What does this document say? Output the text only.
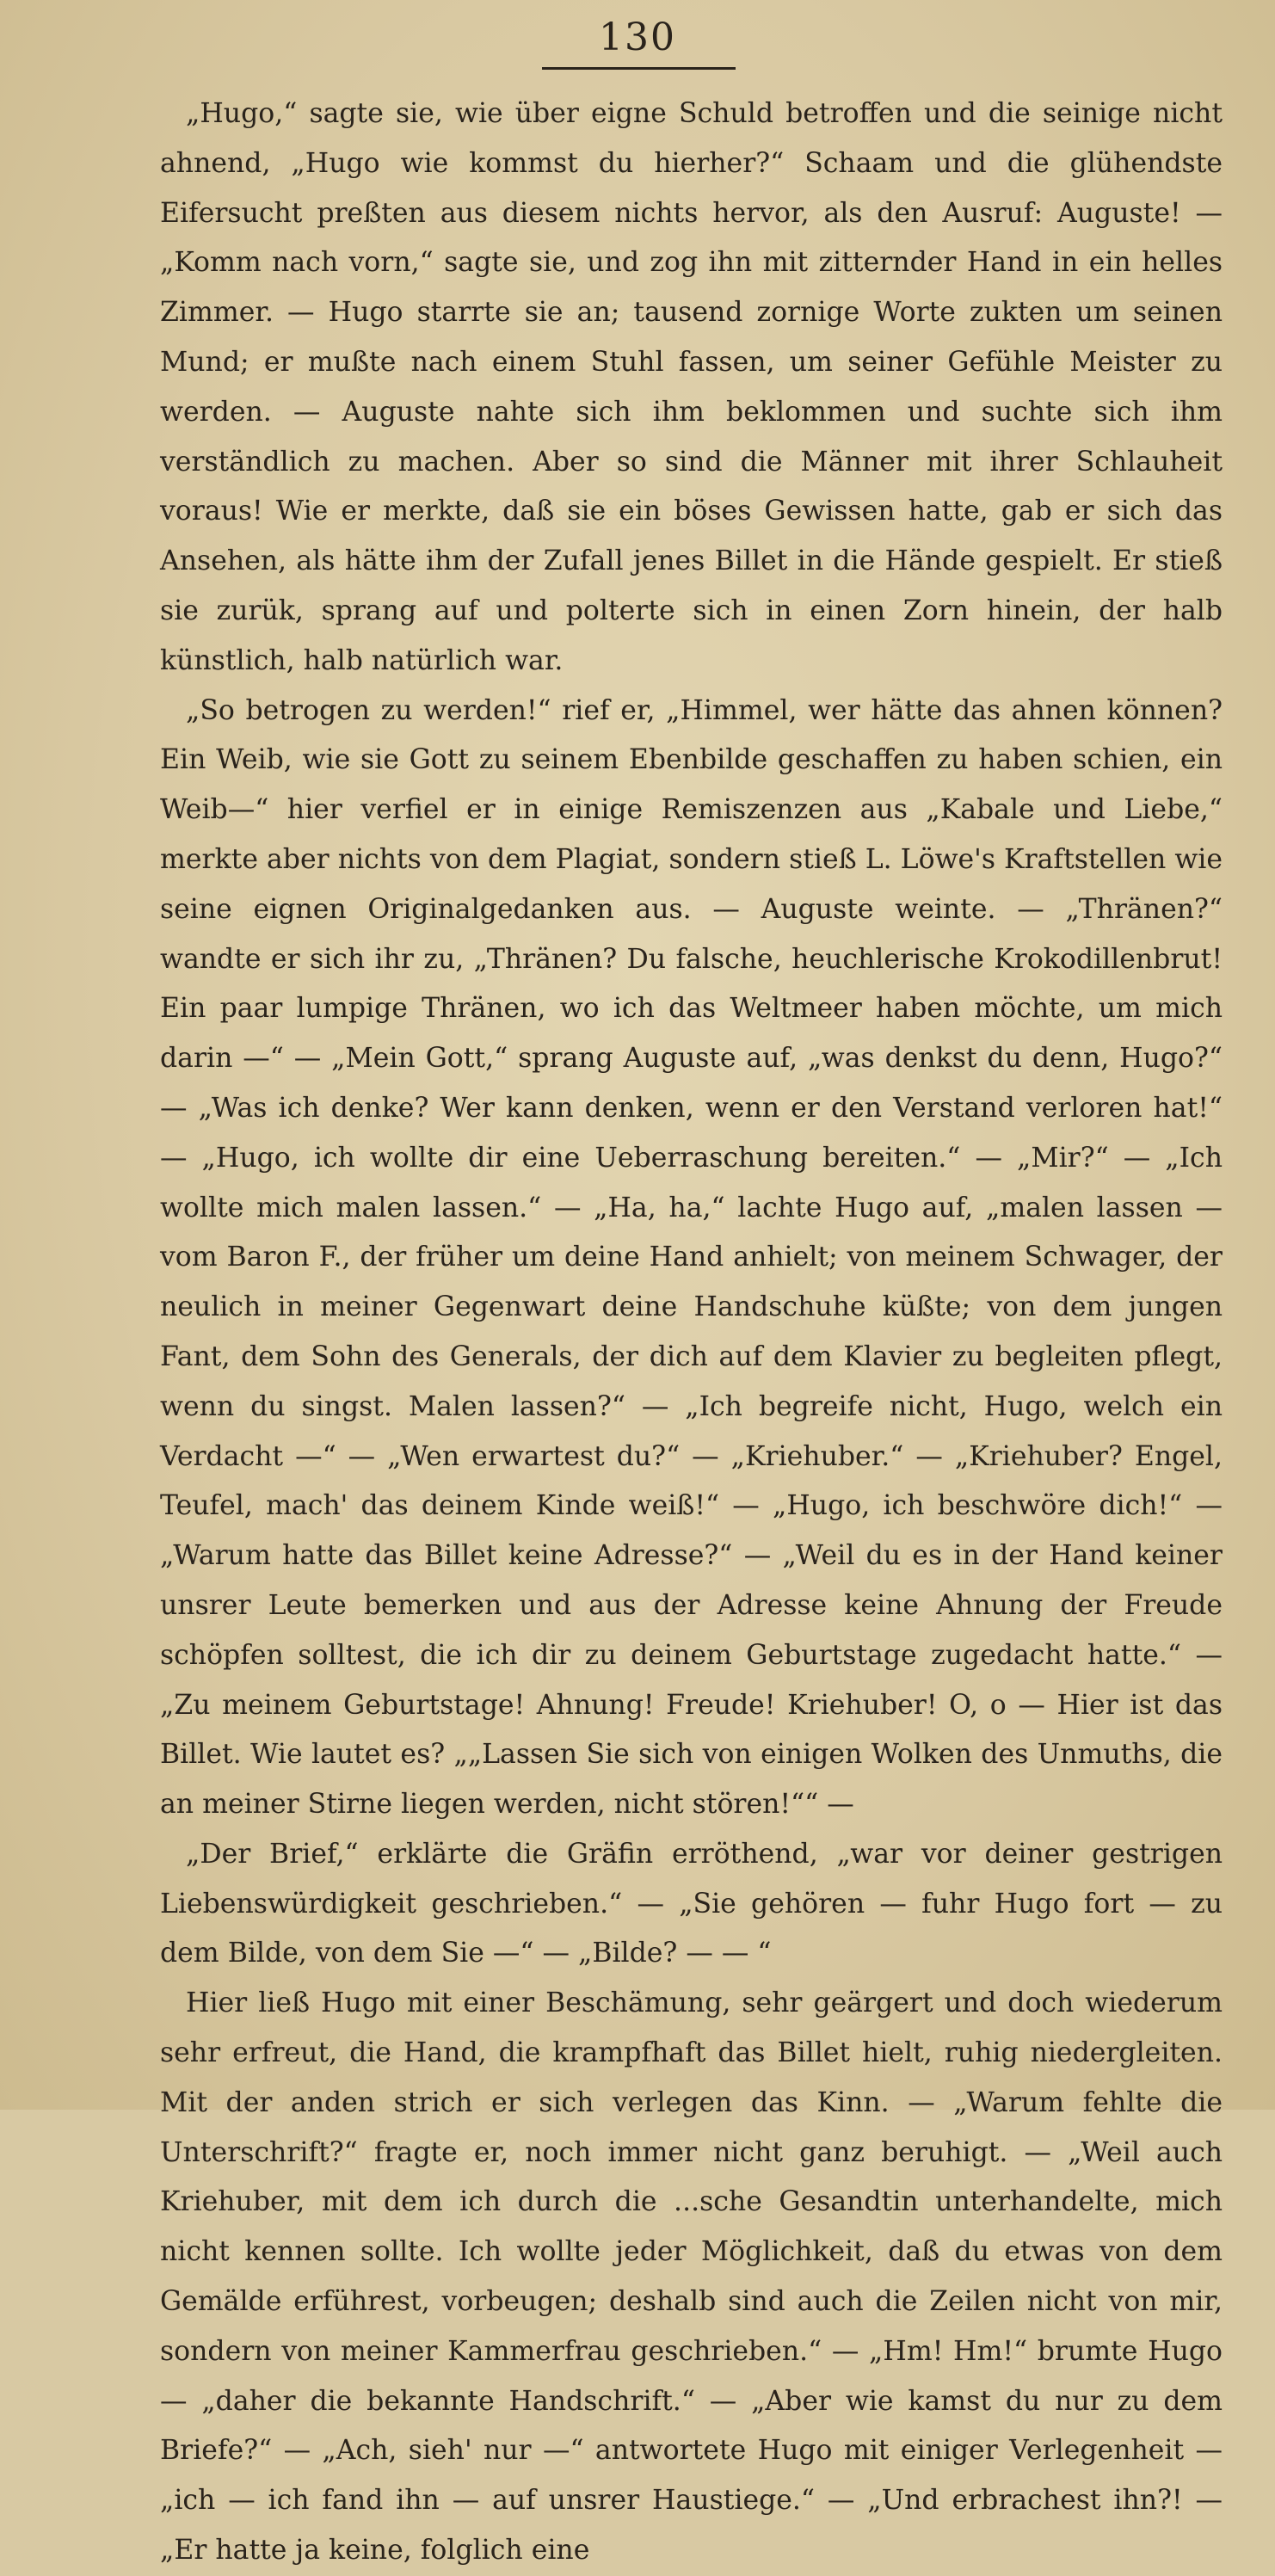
130

„Hugo,“ sagte sie, wie über eigne Schuld betroffen und die seinige nicht ahnend, „Hugo wie kommst du hierher?“ Schaam und die glühendste Eifersucht preßten aus diesem nichts hervor, als den Ausruf: Auguste! — „Komm nach vorn,“ sagte sie, und zog ihn mit zitternder Hand in ein helles Zimmer. — Hugo starrte sie an; tausend zornige Worte zukten um seinen Mund; er mußte nach einem Stuhl fassen, um seiner Gefühle Meister zu werden. — Auguste nahte sich ihm beklommen und suchte sich ihm verständlich zu machen. Aber so sind die Männer mit ihrer Schlauheit voraus! Wie er merkte, daß sie ein böses Gewissen hatte, gab er sich das Ansehen, als hätte ihm der Zufall jenes Billet in die Hände gespielt. Er stieß sie zurük, sprang auf und polterte sich in einen Zorn hinein, der halb künstlich, halb natürlich war.

„So betrogen zu werden!“ rief er, „Himmel, wer hätte das ahnen können? Ein Weib, wie sie Gott zu seinem Ebenbilde geschaffen zu haben schien, ein Weib—“ hier verfiel er in einige Remiszenzen aus „Kabale und Liebe,“ merkte aber nichts von dem Plagiat, sondern stieß L. Löwe's Kraftstellen wie seine eignen Originalgedanken aus. — Auguste weinte. — „Thränen?“ wandte er sich ihr zu, „Thränen? Du falsche, heuchlerische Krokodillenbrut! Ein paar lumpige Thränen, wo ich das Weltmeer haben möchte, um mich darin —“ — „Mein Gott,“ sprang Auguste auf, „was denkst du denn, Hugo?“ — „Was ich denke? Wer kann denken, wenn er den Verstand verloren hat!“ — „Hugo, ich wollte dir eine Ueberraschung bereiten.“ — „Mir?“ — „Ich wollte mich malen lassen.“ — „Ha, ha,“ lachte Hugo auf, „malen lassen — vom Baron F., der früher um deine Hand anhielt; von meinem Schwager, der neulich in meiner Gegenwart deine Handschuhe küßte; von dem jungen Fant, dem Sohn des Generals, der dich auf dem Klavier zu begleiten pflegt, wenn du singst. Malen lassen?“ — „Ich begreife nicht, Hugo, welch ein Verdacht —“ — „Wen erwartest du?“ — „Kriehuber.“ — „Kriehuber? Engel, Teufel, mach' das deinem Kinde weiß!“ — „Hugo, ich beschwöre dich!“ — „Warum hatte das Billet keine Adresse?“ — „Weil du es in der Hand keiner unsrer Leute bemerken und aus der Adresse keine Ahnung der Freude schöpfen solltest, die ich dir zu deinem Geburtstage zugedacht hatte.“ — „Zu meinem Geburtstage! Ahnung! Freude! Kriehuber! O, o — Hier ist das Billet. Wie lautet es? „„Lassen Sie sich von einigen Wolken des Unmuths, die an meiner Stirne liegen werden, nicht stören!““ —

„Der Brief,“ erklärte die Gräfin erröthend, „war vor deiner gestrigen Liebenswürdigkeit geschrieben.“ — „Sie gehören — fuhr Hugo fort — zu dem Bilde, von dem Sie —“ — „Bilde? — — “

Hier ließ Hugo mit einer Beschämung, sehr geärgert und doch wiederum sehr erfreut, die Hand, die krampfhaft das Billet hielt, ruhig niedergleiten. Mit der anden strich er sich verlegen das Kinn. — „Warum fehlte die Unterschrift?“ fragte er, noch immer nicht ganz beruhigt. — „Weil auch Kriehuber, mit dem ich durch die ...sche Gesandtin unterhandelte, mich nicht kennen sollte. Ich wollte jeder Möglichkeit, daß du etwas von dem Gemälde erführest, vorbeugen; deshalb sind auch die Zeilen nicht von mir, sondern von meiner Kammerfrau geschrieben.“ — „Hm! Hm!“ brumte Hugo — „daher die bekannte Handschrift.“ — „Aber wie kamst du nur zu dem Briefe?“ — „Ach, sieh' nur —“ antwortete Hugo mit einiger Verlegenheit — „ich — ich fand ihn — auf unsrer Haustiege.“ — „Und erbrachest ihn?! — „Er hatte ja keine, folglich eine
